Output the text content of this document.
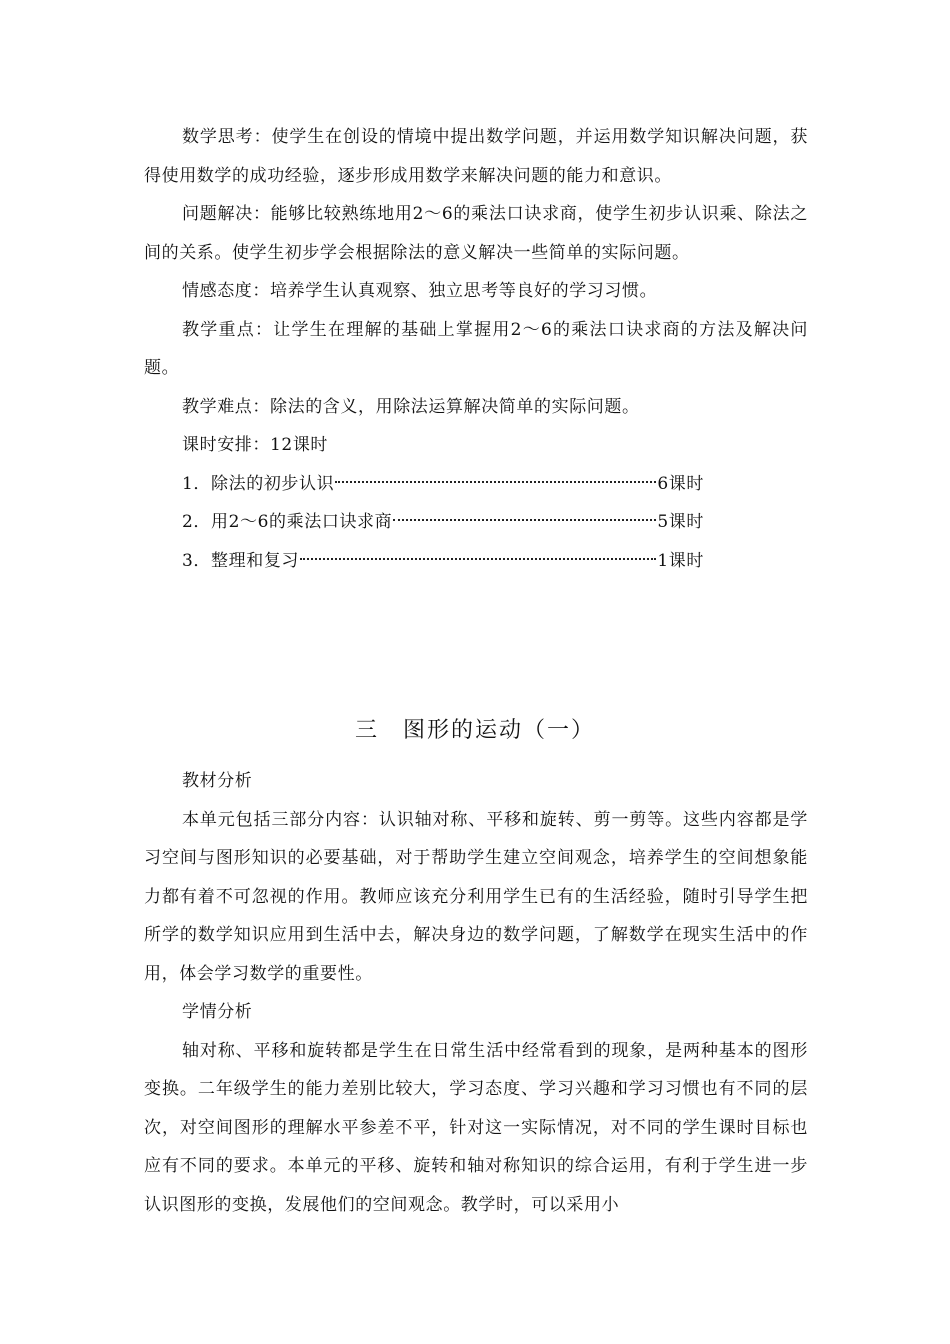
数学思考：使学生在创设的情境中提出数学问题，并运用数学知识解决问题，获得使用数学的成功经验，逐步形成用数学来解决问题的能力和意识。

问题解决：能够比较熟练地用2～6的乘法口诀求商，使学生初步认识乘、除法之间的关系。使学生初步学会根据除法的意义解决一些简单的实际问题。

情感态度：培养学生认真观察、独立思考等良好的学习习惯。

教学重点：让学生在理解的基础上掌握用2～6的乘法口诀求商的方法及解决问题。

教学难点：除法的含义，用除法运算解决简单的实际问题。

课时安排：12课时

1．除法的初步认识	6课时
2．用2～6的乘法口诀求商	5课时
3．整理和复习	1课时
三　图形的运动（一）

教材分析

本单元包括三部分内容：认识轴对称、平移和旋转、剪一剪等。这些内容都是学习空间与图形知识的必要基础，对于帮助学生建立空间观念，培养学生的空间想象能力都有着不可忽视的作用。教师应该充分利用学生已有的生活经验，随时引导学生把所学的数学知识应用到生活中去，解决身边的数学问题，了解数学在现实生活中的作用，体会学习数学的重要性。

学情分析

轴对称、平移和旋转都是学生在日常生活中经常看到的现象，是两种基本的图形变换。二年级学生的能力差别比较大，学习态度、学习兴趣和学习习惯也有不同的层次，对空间图形的理解水平参差不平，针对这一实际情况，对不同的学生课时目标也应有不同的要求。本单元的平移、旋转和轴对称知识的综合运用，有利于学生进一步认识图形的变换，发展他们的空间观念。教学时，可以采用小
